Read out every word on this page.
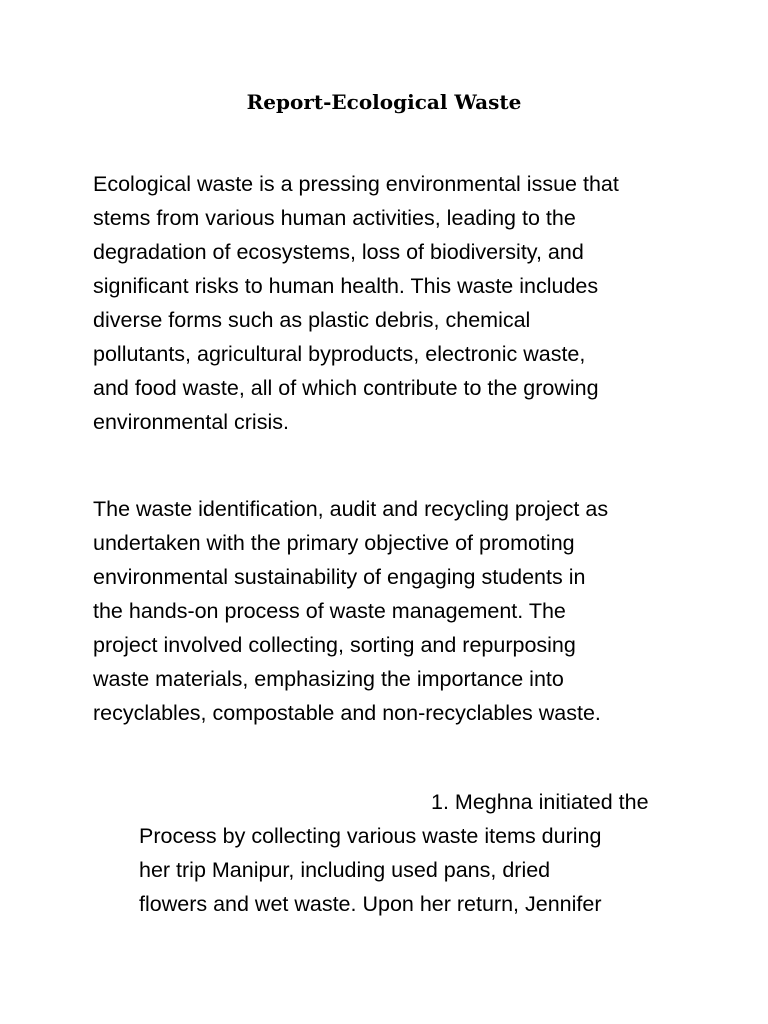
Report-Ecological Waste

Ecological waste is a pressing environmental issue that
stems from various human activities, leading to the
degradation of ecosystems, loss of biodiversity, and
significant risks to human health. This waste includes
diverse forms such as plastic debris, chemical
pollutants, agricultural byproducts, electronic waste,
and food waste, all of which contribute to the growing
environmental crisis.

The waste identification, audit and recycling project as
undertaken with the primary objective of promoting
environmental sustainability of engaging students in
the hands-on process of waste management. The
project involved collecting, sorting and repurposing
waste materials, emphasizing the importance into
recyclables, compostable and non-recyclables waste.

1. Meghna initiated the
Process by collecting various waste items during
her trip Manipur, including used pans, dried
flowers and wet waste. Upon her return, Jennifer
